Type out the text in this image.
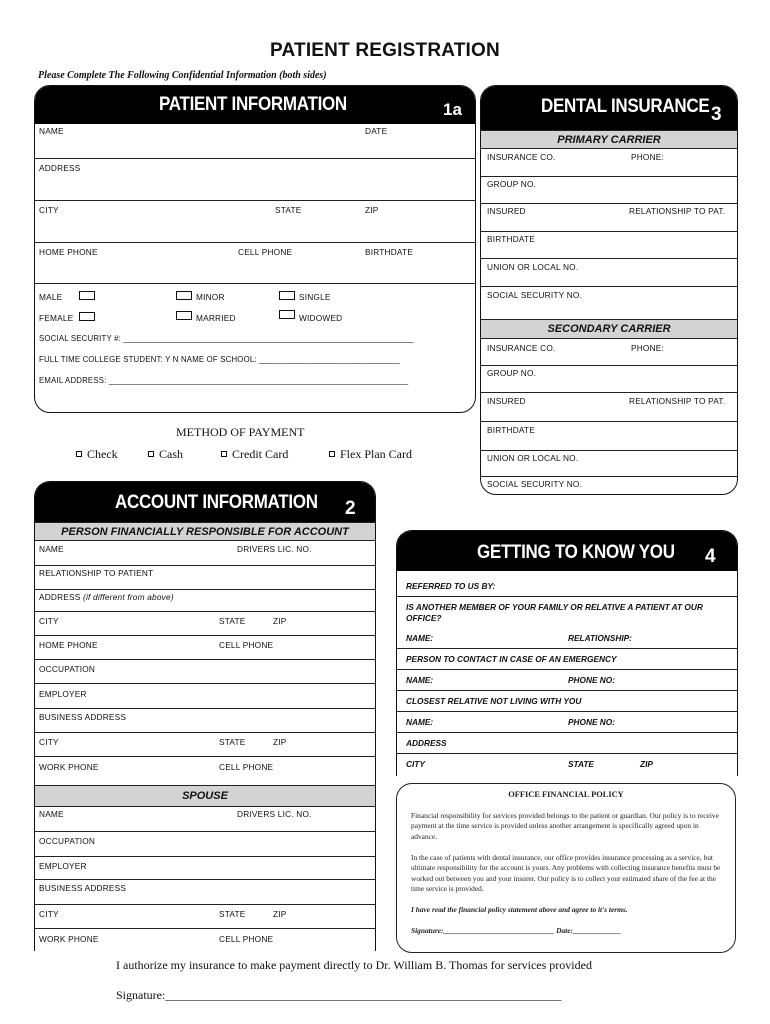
PATIENT REGISTRATION
Please Complete The Following Confidential Information (both sides)
PATIENT INFORMATION	1a
NAME	DATE
ADDRESS
CITY	STATE	ZIP
HOME PHONE	CELL PHONE	BIRTHDATE
MALE	MINOR	SINGLE
FEMALE	MARRIED	WIDOWED
SOCIAL SECURITY #: ________________________________________________________________
FULL TIME COLLEGE STUDENT: Y N NAME OF SCHOOL: _______________________________
EMAIL ADDRESS: __________________________________________________________________
METHOD OF PAYMENT
Check	Cash	Credit Card	Flex Plan Card
DENTAL INSURANCE 3
PRIMARY CARRIER
INSURANCE CO.	PHONE:
GROUP NO.
INSURED	RELATIONSHIP TO PAT.
BIRTHDATE
UNION OR LOCAL NO.
SOCIAL SECURITY NO.
SECONDARY CARRIER
INSURANCE CO.	PHONE:
GROUP NO.
INSURED	RELATIONSHIP TO PAT.
BIRTHDATE
UNION OR LOCAL NO.
SOCIAL SECURITY NO.
ACCOUNT INFORMATION 2
PERSON FINANCIALLY RESPONSIBLE FOR ACCOUNT
NAME	DRIVERS LIC. NO.
RELATIONSHIP TO PATIENT
ADDRESS (if different from above)
CITY	STATE	ZIP
HOME PHONE	CELL PHONE
OCCUPATION
EMPLOYER
BUSINESS ADDRESS
CITY	STATE	ZIP
WORK PHONE	CELL PHONE
SPOUSE
NAME	DRIVERS LIC. NO.
OCCUPATION
EMPLOYER
BUSINESS ADDRESS
CITY	STATE	ZIP
WORK PHONE	CELL PHONE
GETTING TO KNOW YOU 4
REFERRED TO US BY:
IS ANOTHER MEMBER OF YOUR FAMILY OR RELATIVE A PATIENT AT OUR OFFICE?
NAME:	RELATIONSHIP:
PERSON TO CONTACT IN CASE OF AN EMERGENCY
NAME:	PHONE NO:
CLOSEST RELATIVE NOT LIVING WITH YOU
NAME:	PHONE NO:
ADDRESS
CITY	STATE	ZIP
OFFICE FINANCIAL POLICY
Financial responsibility for services provided belongs to the patient or guardian. Our policy is to receive payment at the time service is provided unless another arrangement is specifically agreed upon in advance.
In the case of patients with dental insurance, our office provides insurance processing as a service, but ultimate responsibility for the account is yours. Any problems with collecting insurance benefits must be worked out between you and your insurer. Our policy is to collect your estimated share of the fee at the time service is provided.
I have read the financial policy statement above and agree to it's terms.
Signature:______________________________ Date:_____________
I authorize my insurance to make payment directly to Dr. William B. Thomas for services provided
Signature:__________________________________________________________________
